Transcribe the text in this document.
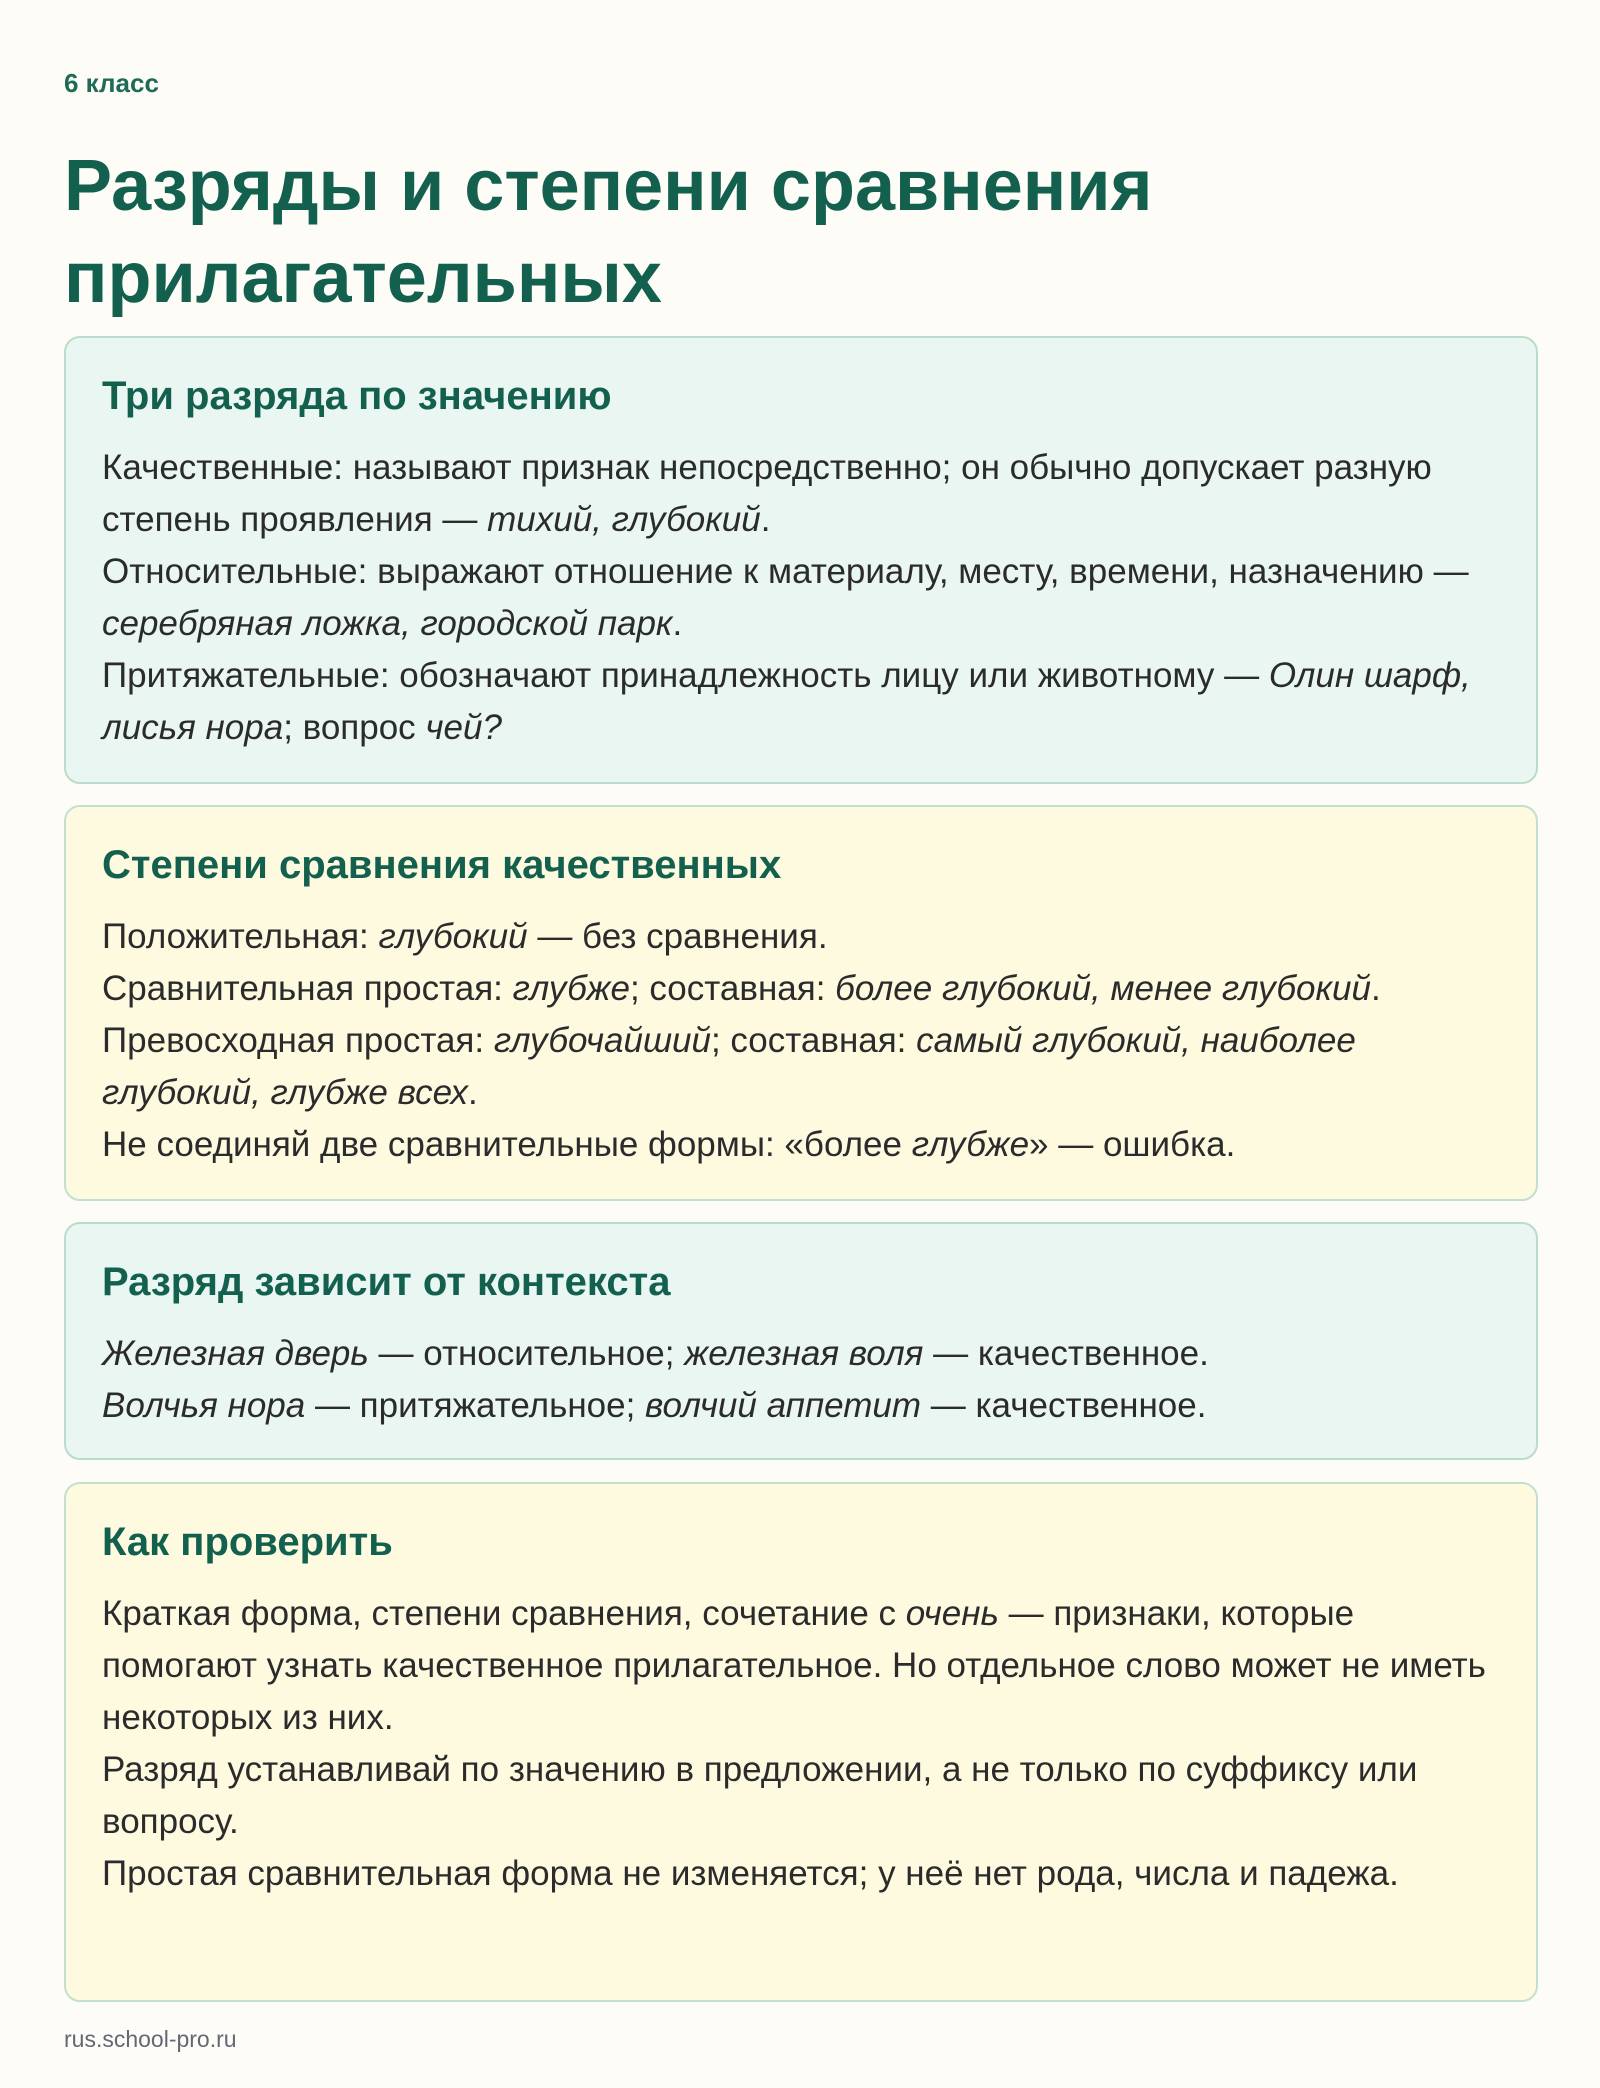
6 класс
Разряды и степени сравнения прилагательных
Три разряда по значению

Качественные: называют признак непосредственно; он обычно допускает разную степень проявления — тихий, глубокий.

Относительные: выражают отношение к материалу, месту, времени, назначению — серебряная ложка, городской парк.

Притяжательные: обозначают принадлежность лицу или животному — Олин шарф, лисья нора; вопрос чей?

Степени сравнения качественных

Положительная: глубокий — без сравнения.

Сравнительная простая: глубже; составная: более глубокий, менее глубокий.

Превосходная простая: глубочайший; составная: самый глубокий, наиболее глубокий, глубже всех.

Не соединяй две сравнительные формы: «более глубже» — ошибка.

Разряд зависит от контекста

Железная дверь — относительное; железная воля — качественное.

Волчья нора — притяжательное; волчий аппетит — качественное.

Как проверить

Краткая форма, степени сравнения, сочетание с очень — признаки, которые помогают узнать качественное прилагательное. Но отдельное слово может не иметь некоторых из них.

Разряд устанавливай по значению в предложении, а не только по суффиксу или вопросу.

Простая сравнительная форма не изменяется; у неё нет рода, числа и падежа.

rus.school-pro.ru
